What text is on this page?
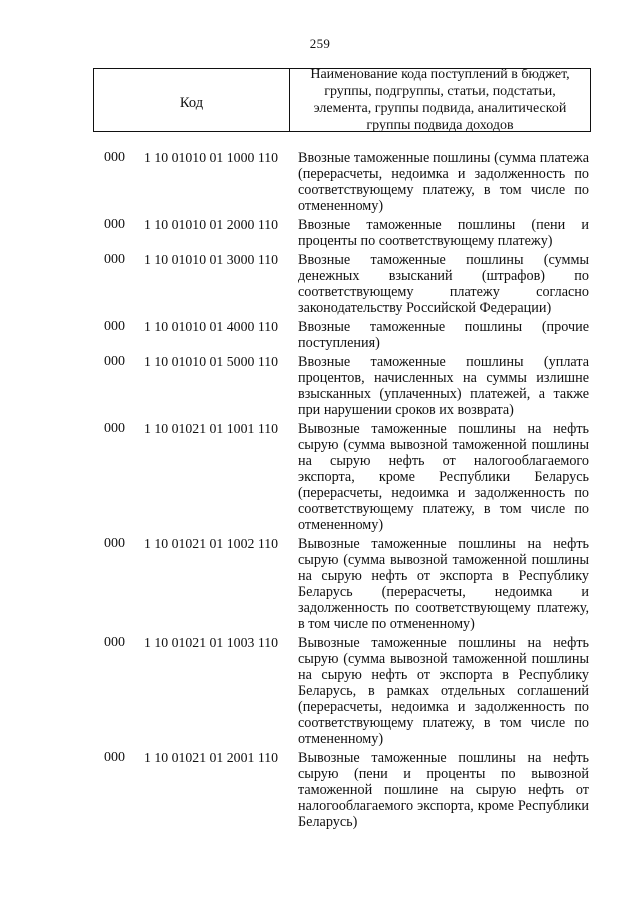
259
Код
Наименование кода поступлений в бюджет, группы, подгруппы, статьи, подстатьи, элемента, группы подвида, аналитической группы подвида доходов
000	1 10 01010 01 1000 110	Ввозные таможенные пошлины (сумма платежа (перерасчеты, недоимка и задолженность по соответствующему платежу, в том числе по отмененному)
000	1 10 01010 01 2000 110	Ввозные таможенные пошлины (пени и проценты по соответствующему платежу)
000	1 10 01010 01 3000 110	Ввозные таможенные пошлины (суммы денежных взысканий (штрафов) по соответствующему платежу согласно законодательству Российской Федерации)
000	1 10 01010 01 4000 110	Ввозные таможенные пошлины (прочие поступления)
000	1 10 01010 01 5000 110	Ввозные таможенные пошлины (уплата процентов, начисленных на суммы излишне взысканных (уплаченных) платежей, а также при нарушении сроков их возврата)
000	1 10 01021 01 1001 110	Вывозные таможенные пошлины на нефть сырую (сумма вывозной таможенной пошлины на сырую нефть от налогооблагаемого экспорта, кроме Республики Беларусь (перерасчеты, недоимка и задолженность по соответствующему платежу, в том числе по отмененному)
000	1 10 01021 01 1002 110	Вывозные таможенные пошлины на нефть сырую (сумма вывозной таможенной пошлины на сырую нефть от экспорта в Республику Беларусь (перерасчеты, недоимка и задолженность по соответствующему платежу, в том числе по отмененному)
000	1 10 01021 01 1003 110	Вывозные таможенные пошлины на нефть сырую (сумма вывозной таможенной пошлины на сырую нефть от экспорта в Республику Беларусь, в рамках отдельных соглашений (перерасчеты, недоимка и задолженность по соответствующему платежу, в том числе по отмененному)
000	1 10 01021 01 2001 110	Вывозные таможенные пошлины на нефть сырую (пени и проценты по вывозной таможенной пошлине на сырую нефть от налогооблагаемого экспорта, кроме Республики Беларусь)
